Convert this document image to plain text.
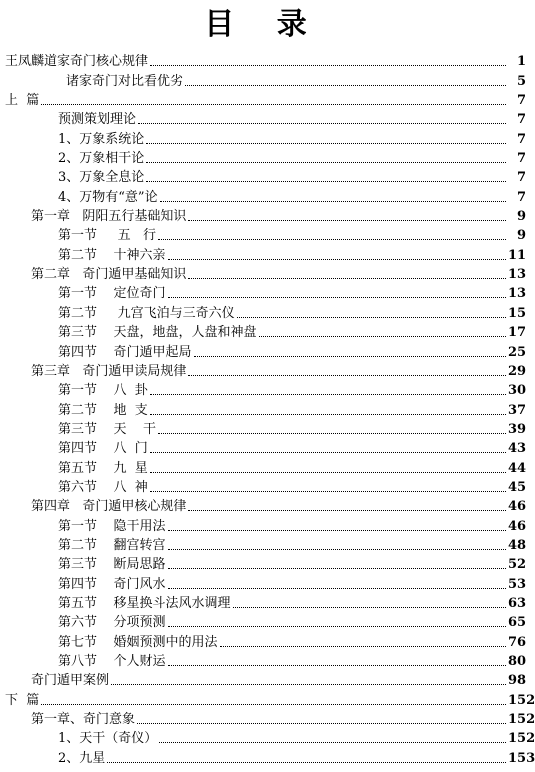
目 录
王凤麟道家奇门核心规律	1
诸家奇门对比看优劣	5
上  篇	7
预测策划理论	7
1、万象系统论	7
2、万象相干论	7
3、万象全息论	7
4、万物有“意”论	7
第一章   阴阳五行基础知识	9
第一节     五   行	9
第二节    十神六亲	11
第二章   奇门遁甲基础知识	13
第一节    定位奇门	13
第二节     九宫飞泊与三奇六仪	15
第三节    天盘，地盘，人盘和神盘	17
第四节    奇门遁甲起局	25
第三章   奇门遁甲读局规律	29
第一节    八  卦	30
第二节    地  支	37
第三节    天    干	39
第四节    八  门	43
第五节    九  星	44
第六节    八  神	45
第四章   奇门遁甲核心规律	46
第一节    隐干用法	46
第二节    翻宫转宫	48
第三节    断局思路	52
第四节    奇门风水	53
第五节    移星换斗法风水调理	63
第六节    分项预测	65
第七节    婚姻预测中的用法	76
第八节    个人财运	80
奇门遁甲案例	98
下  篇	152
第一章、奇门意象	152
1、天干（奇仪）	152
2、九星	153
